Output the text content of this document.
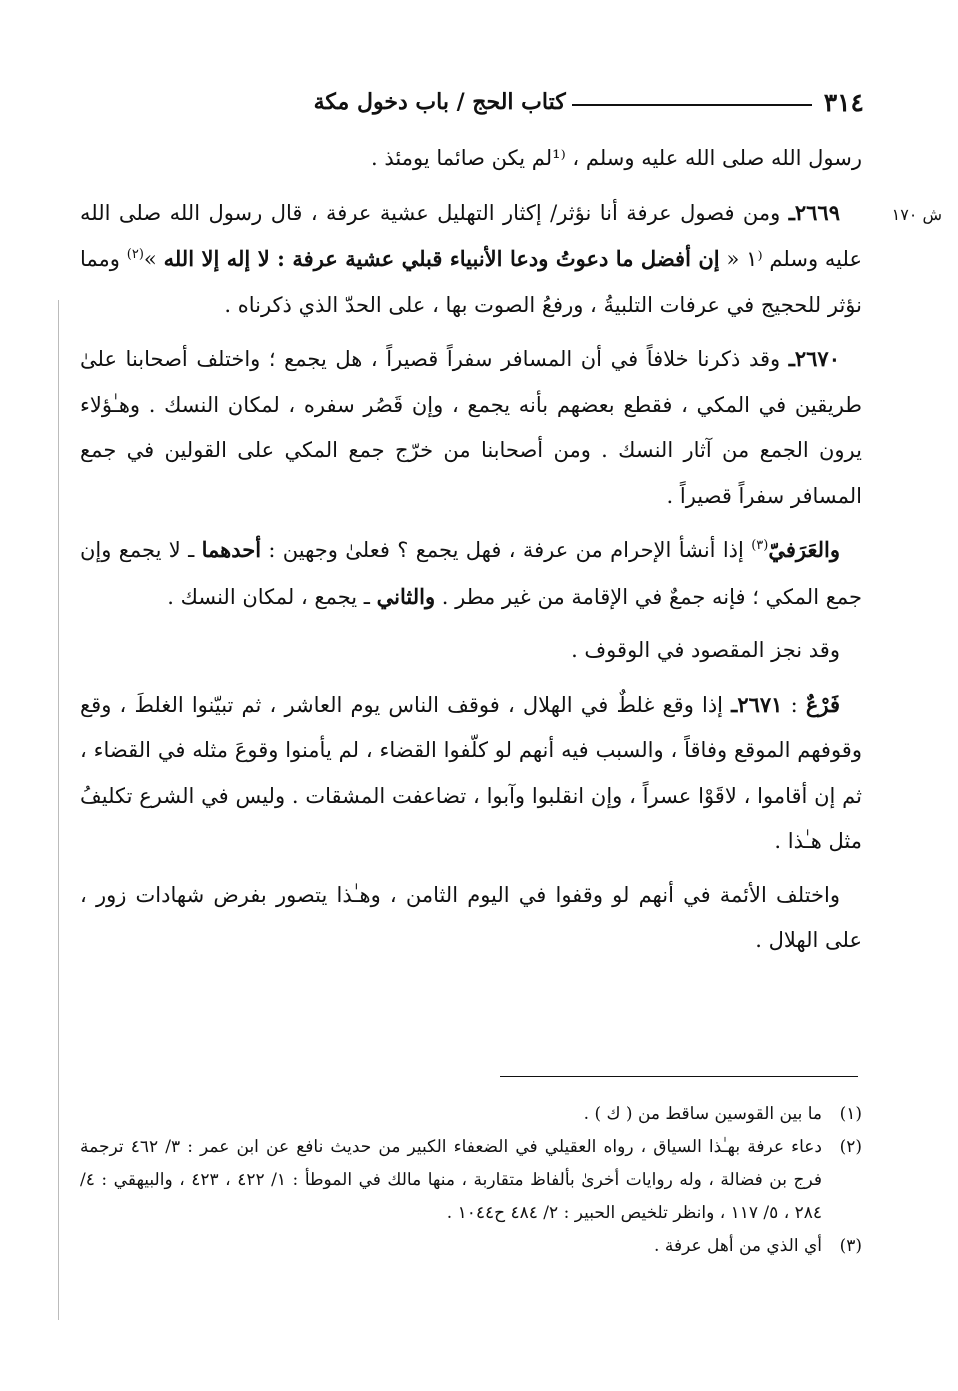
٣١٤
كتاب الحج / باب دخول مكة
ش ١٧٠

رسول الله صلى الله عليه وسلم ، ⁽¹لم يكن صائما يومئذ .

٢٦٦٩ـ ومن فصول عرفة أنا نؤثر/ إكثار التهليل عشية عرفة ، قال رسول الله صلى الله عليه وسلم ⁽١ « إن أفضل ما دعوتُ ودعا الأنبياء قبلي عشية عرفة : لا إله إلا الله »$^{(٢)}$ ومما نؤثر للحجيج في عرفات التلبيةُ ، ورفعُ الصوت بها ، على الحدّ الذي ذكرناه .

٢٦٧٠ـ وقد ذكرنا خلافاً في أن المسافر سفراً قصيراً ، هل يجمع ؛ واختلف أصحابنا علىٰ طريقين في المكي ، فقطع بعضهم بأنه يجمع ، وإن قَصُر سفره ، لمكان النسك . وهـٰؤلاء يرون الجمع من آثار النسك . ومن أصحابنا من خرّج جمع المكي على القولين في جمع المسافر سفراً قصيراً .

والعَرَفيّ$^{(٣)}$ إذا أنشأ الإحرام من عرفة ، فهل يجمع ؟ فعلىٰ وجهين : أحدهما ـ لا يجمع وإن جمع المكي ؛ فإنه جمعٌ في الإقامة من غير مطر . والثاني ـ يجمع ، لمكان النسك .

وقد نجز المقصود في الوقوف .

فَرْعٌ : ٢٦٧١ـ إذا وقع غلطٌ في الهلال ، فوقف الناس يوم العاشر ، ثم تبيّنوا الغلطَ ، وقع وقوفهم الموقع وفاقاً ، والسبب فيه أنهم لو كلّفوا القضاء ، لم يأمنوا وقوعَ مثله في القضاء ، ثم إن أقاموا ، لاقَوْا عسراً ، وإن انقلبوا وآبوا ، تضاعفت المشقات . وليس في الشرع تكليفُ مثل هـٰذا .

واختلف الأئمة في أنهم لو وقفوا في اليوم الثامن ، وهـٰذا يتصور بفرض شهادات زور ، على الهلال .

(١)
ما بين القوسين ساقط من ( ك ) .
(٢)
دعاء عرفة بهـٰذا السياق ، رواه العقيلي في الضعفاء الكبير من حديث نافع عن ابن عمر : ٣/ ٤٦٢ ترجمة فرج بن فضالة ، وله روايات أخرىٰ بألفاظ متقاربة ، منها مالك في الموطأ : ١/ ٤٢٢ ، ٤٢٣ ، والبيهقي : ٤/ ٢٨٤ ، ٥/ ١١٧ ، وانظر تلخيص الحبير : ٢/ ٤٨٤ ح١٠٤٤ .
(٣)
أي الذي من أهل عرفة .
